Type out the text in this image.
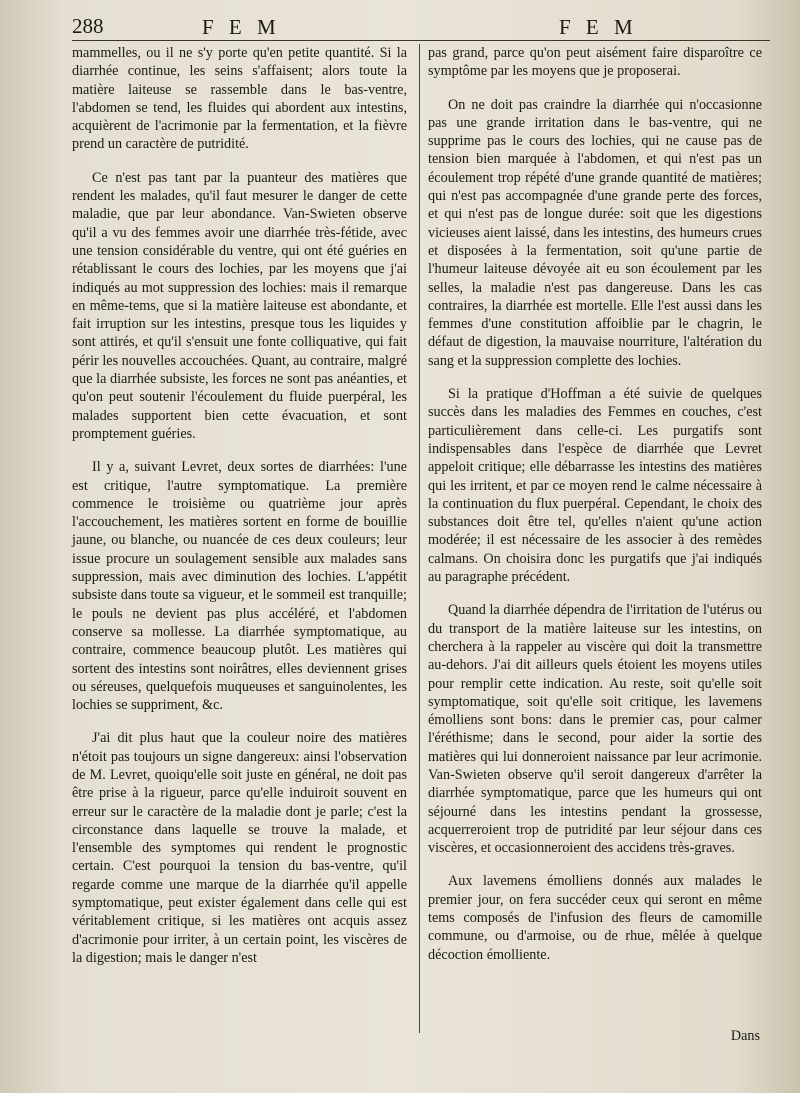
288	F E M	F E M

mammelles, ou il ne s'y porte qu'en petite quantité. Si la diarrhée continue, les seins s'affaisent; alors toute la matière laiteuse se rassemble dans le bas-ventre, l'abdomen se tend, les fluides qui abordent aux intestins, acquièrent de l'acrimonie par la fermentation, et la fièvre prend un caractère de putridité.

Ce n'est pas tant par la puanteur des matières que rendent les malades, qu'il faut mesurer le danger de cette maladie, que par leur abondance. Van-Swieten observe qu'il a vu des femmes avoir une diarrhée très-fétide, avec une tension considérable du ventre, qui ont été guéries en rétablissant le cours des lochies, par les moyens que j'ai indiqués au mot suppression des lochies: mais il remarque en même-tems, que si la matière laiteuse est abondante, et fait irruption sur les intestins, presque tous les liquides y sont attirés, et qu'il s'ensuit une fonte colliquative, qui fait périr les nouvelles accouchées. Quant, au contraire, malgré que la diarrhée subsiste, les forces ne sont pas anéanties, et qu'on peut soutenir l'écoulement du fluide puerpéral, les malades supportent bien cette évacuation, et sont promptement guéries.

Il y a, suivant Levret, deux sortes de diarrhées: l'une est critique, l'autre symptomatique. La première commence le troisième ou quatrième jour après l'accouchement, les matières sortent en forme de bouillie jaune, ou blanche, ou nuancée de ces deux couleurs; leur issue procure un soulagement sensible aux malades sans suppression, mais avec diminution des lochies. L'appétit subsiste dans toute sa vigueur, et le sommeil est tranquille; le pouls ne devient pas plus accéléré, et l'abdomen conserve sa mollesse. La diarrhée symptomatique, au contraire, commence beaucoup plutôt. Les matières qui sortent des intestins sont noirâtres, elles deviennent grises ou séreuses, quelquefois muqueuses et sanguinolentes, les lochies se suppriment, &c.

J'ai dit plus haut que la couleur noire des matières n'étoit pas toujours un signe dangereux: ainsi l'observation de M. Levret, quoiqu'elle soit juste en général, ne doit pas être prise à la rigueur, parce qu'elle induiroit souvent en erreur sur le caractère de la maladie dont je parle; c'est la circonstance dans laquelle se trouve la malade, et l'ensemble des symptomes qui rendent le prognostic certain. C'est pourquoi la tension du bas-ventre, qu'il regarde comme une marque de la diarrhée qu'il appelle symptomatique, peut exister également dans celle qui est véritablement critique, si les matières ont acquis assez d'acrimonie pour irriter, à un certain point, les viscères de la digestion; mais le danger n'est

pas grand, parce qu'on peut aisément faire disparoître ce symptôme par les moyens que je proposerai.

On ne doit pas craindre la diarrhée qui n'occasionne pas une grande irritation dans le bas-ventre, qui ne supprime pas le cours des lochies, qui ne cause pas de tension bien marquée à l'abdomen, et qui n'est pas un écoulement trop répété d'une grande quantité de matières; qui n'est pas accompagnée d'une grande perte des forces, et qui n'est pas de longue durée: soit que les digestions vicieuses aient laissé, dans les intestins, des humeurs crues et disposées à la fermentation, soit qu'une partie de l'humeur laiteuse dévoyée ait eu son écoulement par les selles, la maladie n'est pas dangereuse. Dans les cas contraires, la diarrhée est mortelle. Elle l'est aussi dans les femmes d'une constitution affoiblie par le chagrin, le défaut de digestion, la mauvaise nourriture, l'altération du sang et la suppression complette des lochies.

Si la pratique d'Hoffman a été suivie de quelques succès dans les maladies des Femmes en couches, c'est particulièrement dans celle-ci. Les purgatifs sont indispensables dans l'espèce de diarrhée que Levret appeloit critique; elle débarrasse les intestins des matières qui les irritent, et par ce moyen rend le calme nécessaire à la continuation du flux puerpéral. Cependant, le choix des substances doit être tel, qu'elles n'aient qu'une action modérée; il est nécessaire de les associer à des remèdes calmans. On choisira donc les purgatifs que j'ai indiqués au paragraphe précédent.

Quand la diarrhée dépendra de l'irritation de l'utérus ou du transport de la matière laiteuse sur les intestins, on cherchera à la rappeler au viscère qui doit la transmettre au-dehors. J'ai dit ailleurs quels étoient les moyens utiles pour remplir cette indication. Au reste, soit qu'elle soit symptomatique, soit qu'elle soit critique, les lavemens émolliens sont bons: dans le premier cas, pour calmer l'éréthisme; dans le second, pour aider la sortie des matières qui lui donneroient naissance par leur acrimonie. Van-Swieten observe qu'il seroit dangereux d'arrêter la diarrhée symptomatique, parce que les humeurs qui ont séjourné dans les intestins pendant la grossesse, acquerreroient trop de putridité par leur séjour dans ces viscères, et occasionneroient des accidens très-graves.

Aux lavemens émolliens donnés aux malades le premier jour, on fera succéder ceux qui seront en même tems composés de l'infusion des fleurs de camomille commune, ou d'armoise, ou de rhue, mêlée à quelque décoction émolliente.

Dans
